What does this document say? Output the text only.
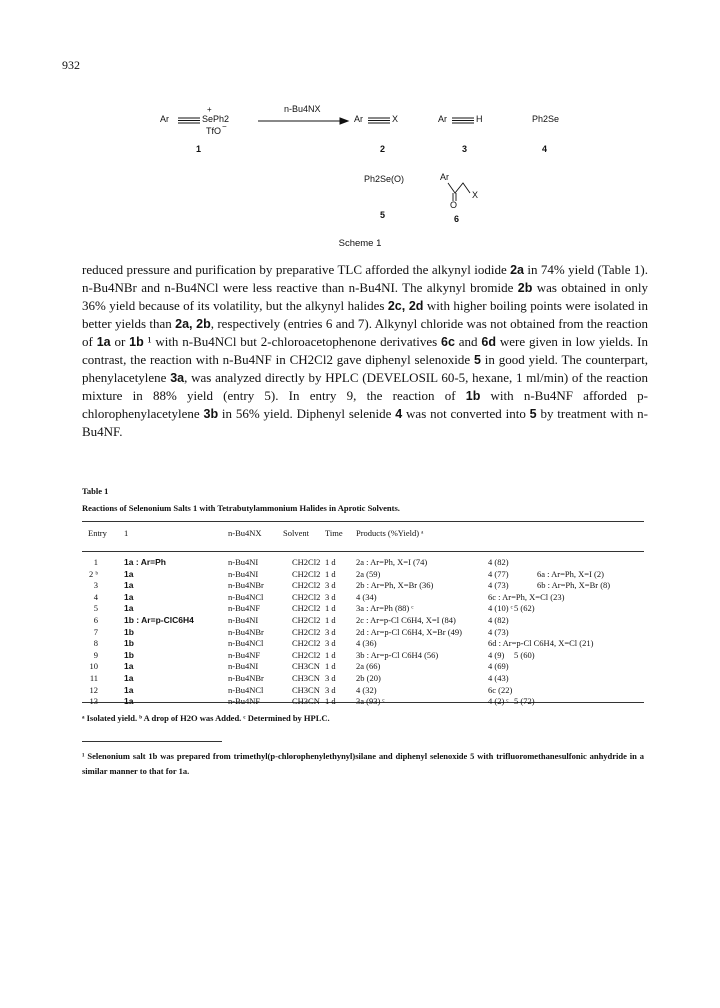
932
Ar	SePh2
+
TfO −
1
n-Bu4NX
Ar	X
2
Ar	H
3
Ph2Se
4
Ph2Se(O)
5
Ar
X
O
6
Scheme 1
reduced pressure and purification by preparative TLC afforded the alkynyl iodide 2a in 74% yield (Table 1). n-Bu4NBr and n-Bu4NCl were less reactive than n-Bu4NI. The alkynyl bromide 2b was obtained in only 36% yield because of its volatility, but the alkynyl halides 2c, 2d with higher boiling points were isolated in better yields than 2a, 2b, respectively (entries 6 and 7). Alkynyl chloride was not obtained from the reaction of 1a or 1b ¹ with n-Bu4NCl but 2-chloroacetophenone derivatives 6c and 6d were given in low yields. In contrast, the reaction with n-Bu4NF in CH2Cl2 gave diphenyl selenoxide 5 in good yield. The counterpart, phenylacetylene 3a, was analyzed directly by HPLC (DEVELOSIL 60-5, hexane, 1 ml/min) of the reaction mixture in 88% yield (entry 5). In entry 9, the reaction of 1b with n-Bu4NF afforded p-chlorophenylacetylene 3b in 56% yield. Diphenyl selenide 4 was not converted into 5 by treatment with n-Bu4NF.
Table 1
Reactions of Selenonium Salts 1 with Tetrabutylammonium Halides in Aprotic Solvents.
Entry 1	n-Bu4NX	Solvent Time Products (%Yield) ᵃ
1	1a : Ar=Ph	n-Bu4NI	CH2Cl2 1 d 2a : Ar=Ph, X=I (74)	4 (82)
2 ᵇ	1a	n-Bu4NI	CH2Cl2 1 d 2a (59)	4 (77)	6a : Ar=Ph, X=I (2)
3	1a	n-Bu4NBr	CH2Cl2 3 d 2b : Ar=Ph, X=Br (36)	4 (73)	6b : Ar=Ph, X=Br (8)
4	1a	n-Bu4NCl	CH2Cl2 3 d 4 (34)	6c : Ar=Ph, X=Cl (23)
5	1a	n-Bu4NF	CH2Cl2 1 d 3a : Ar=Ph (88) ᶜ	4 (10) ᶜ 5 (62)
6	1b : Ar=p-ClC6H4	n-Bu4NI	CH2Cl2 1 d 2c : Ar=p-Cl C6H4, X=I (84)	4 (82)
7	1b	n-Bu4NBr	CH2Cl2 3 d 2d : Ar=p-Cl C6H4, X=Br (49)	4 (73)
8	1b	n-Bu4NCl	CH2Cl2 3 d 4 (36)	6d : Ar=p-Cl C6H4, X=Cl (21)
9	1b	n-Bu4NF	CH2Cl2 1 d 3b : Ar=p-Cl C6H4 (56)	4 (9) 5 (60)
10	1a	n-Bu4NI	CH3CN 1 d 2a (66)	4 (69)
11	1a	n-Bu4NBr	CH3CN 3 d 2b (20)	4 (43)
12	1a	n-Bu4NCl	CH3CN 3 d 4 (32)	6c (22)
13	1a	n-Bu4NF	CH3CN 1 d 3a (93) ᶜ	4 (2) ᶜ 5 (72)
ᵃ Isolated yield. ᵇ A drop of H2O was Added. ᶜ Determined by HPLC.
¹ Selenonium salt 1b was prepared from trimethyl(p-chlorophenylethynyl)silane and diphenyl selenoxide 5 with trifluoromethanesulfonic anhydride in a similar manner to that for 1a.
